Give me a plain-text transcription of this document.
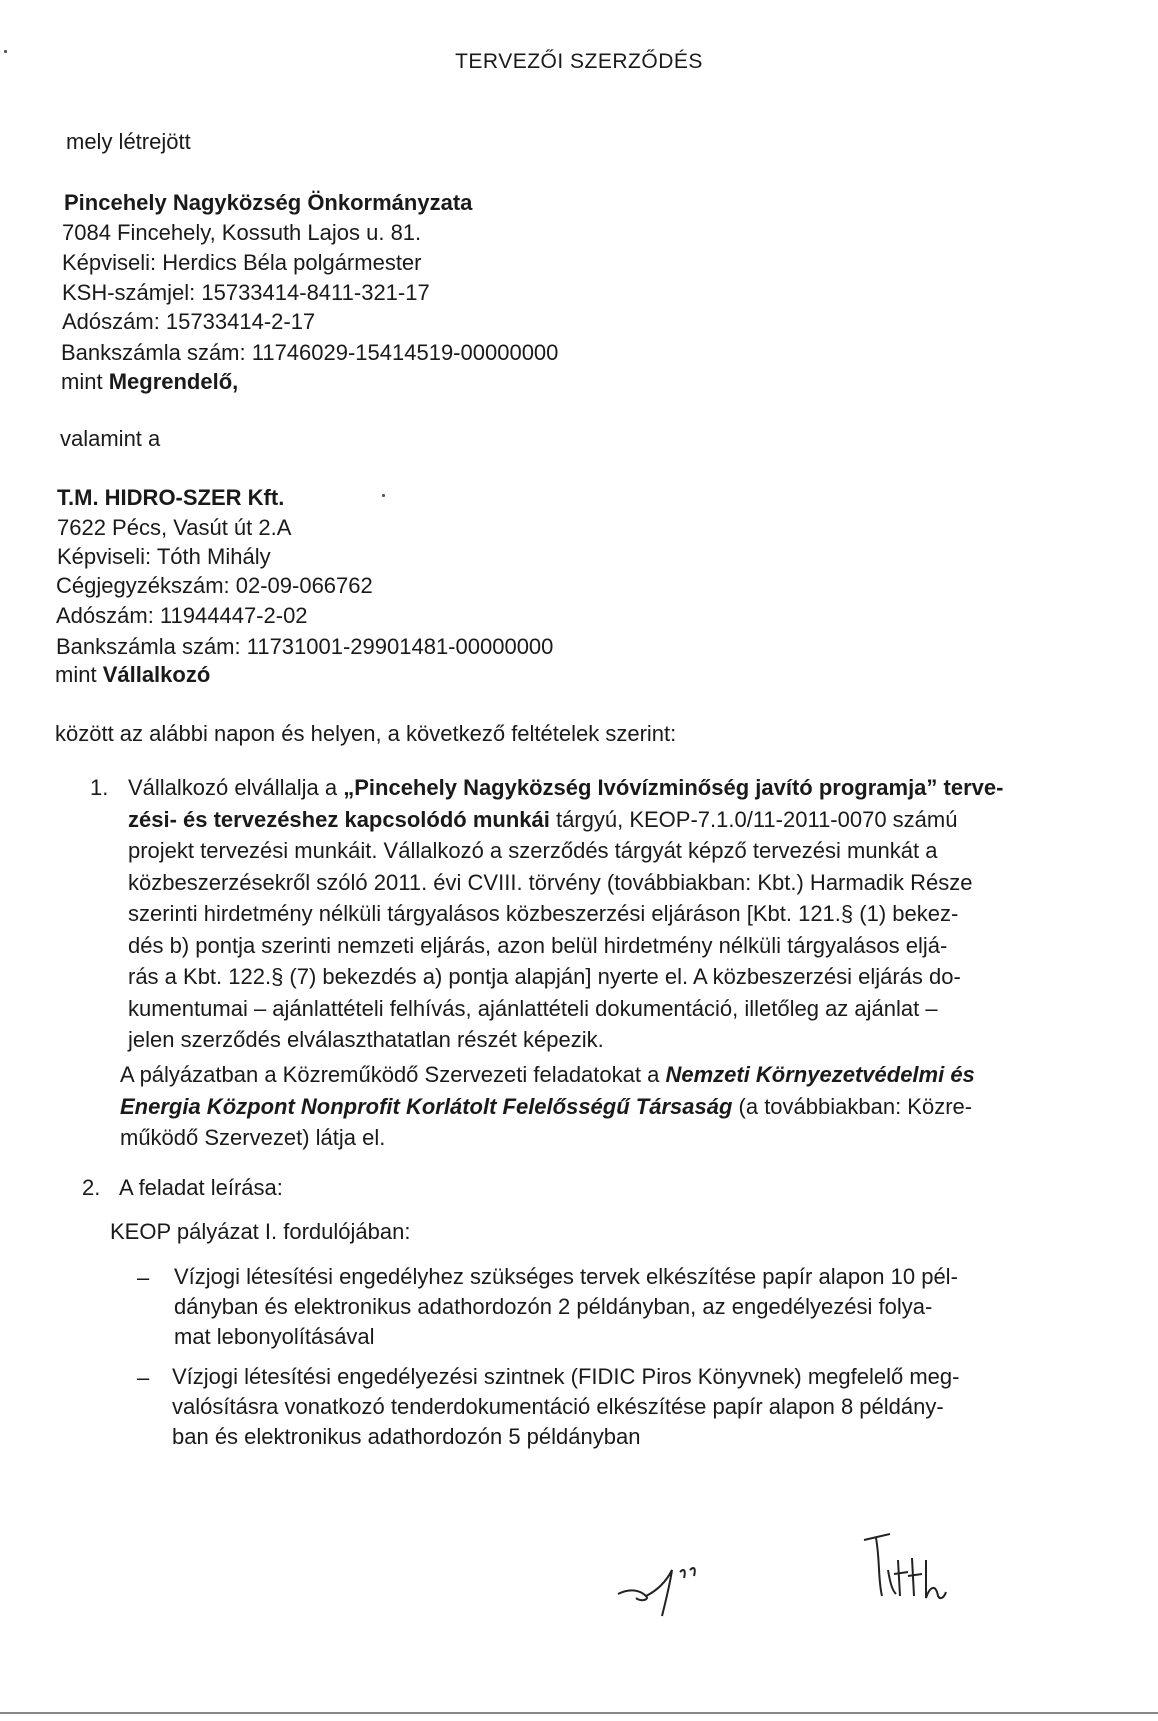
TERVEZŐI SZERZŐDÉS
mely létrejött
Pincehely Nagyközség Önkormányzata
7084 Fincehely, Kossuth Lajos u. 81.
Képviseli: Herdics Béla polgármester
KSH-számjel: 15733414-8411-321-17
Adószám: 15733414-2-17
Bankszámla szám: 11746029-15414519-00000000
mint Megrendelő,
valamint a
T.M. HIDRO-SZER Kft.
7622 Pécs, Vasút út 2.A
Képviseli: Tóth Mihály
Cégjegyzékszám: 02-09-066762
Adószám: 11944447-2-02
Bankszámla szám: 11731001-29901481-00000000
mint Vállalkozó
között az alábbi napon és helyen, a következő feltételek szerint:
1. Vállalkozó elvállalja a „Pincehely Nagyközség Ivóvízminőség javító programja” terve-
zési- és tervezéshez kapcsolódó munkái tárgyú, KEOP-7.1.0/11-2011-0070 számú
projekt tervezési munkáit. Vállalkozó a szerződés tárgyát képző tervezési munkát a
közbeszerzésekről szóló 2011. évi CVIII. törvény (továbbiakban: Kbt.) Harmadik Része
szerinti hirdetmény nélküli tárgyalásos közbeszerzési eljáráson [Kbt. 121.§ (1) bekez-
dés b) pontja szerinti nemzeti eljárás, azon belül hirdetmény nélküli tárgyalásos eljá-
rás a Kbt. 122.§ (7) bekezdés a) pontja alapján] nyerte el. A közbeszerzési eljárás do-
kumentumai – ajánlattételi felhívás, ajánlattételi dokumentáció, illetőleg az ajánlat –
jelen szerződés elválaszthatatlan részét képezik.
A pályázatban a Közreműködő Szervezeti feladatokat a Nemzeti Környezetvédelmi és
Energia Központ Nonprofit Korlátolt Felelősségű Társaság (a továbbiakban: Közre-
működő Szervezet) látja el.
2. A feladat leírása:
KEOP pályázat I. fordulójában:
– Vízjogi létesítési engedélyhez szükséges tervek elkészítése papír alapon 10 pél-
dányban és elektronikus adathordozón 2 példányban, az engedélyezési folya-
mat lebonyolításával
– Vízjogi létesítési engedélyezési szintnek (FIDIC Piros Könyvnek) megfelelő meg-
valósításra vonatkozó tenderdokumentáció elkészítése papír alapon 8 példány-
ban és elektronikus adathordozón 5 példányban
